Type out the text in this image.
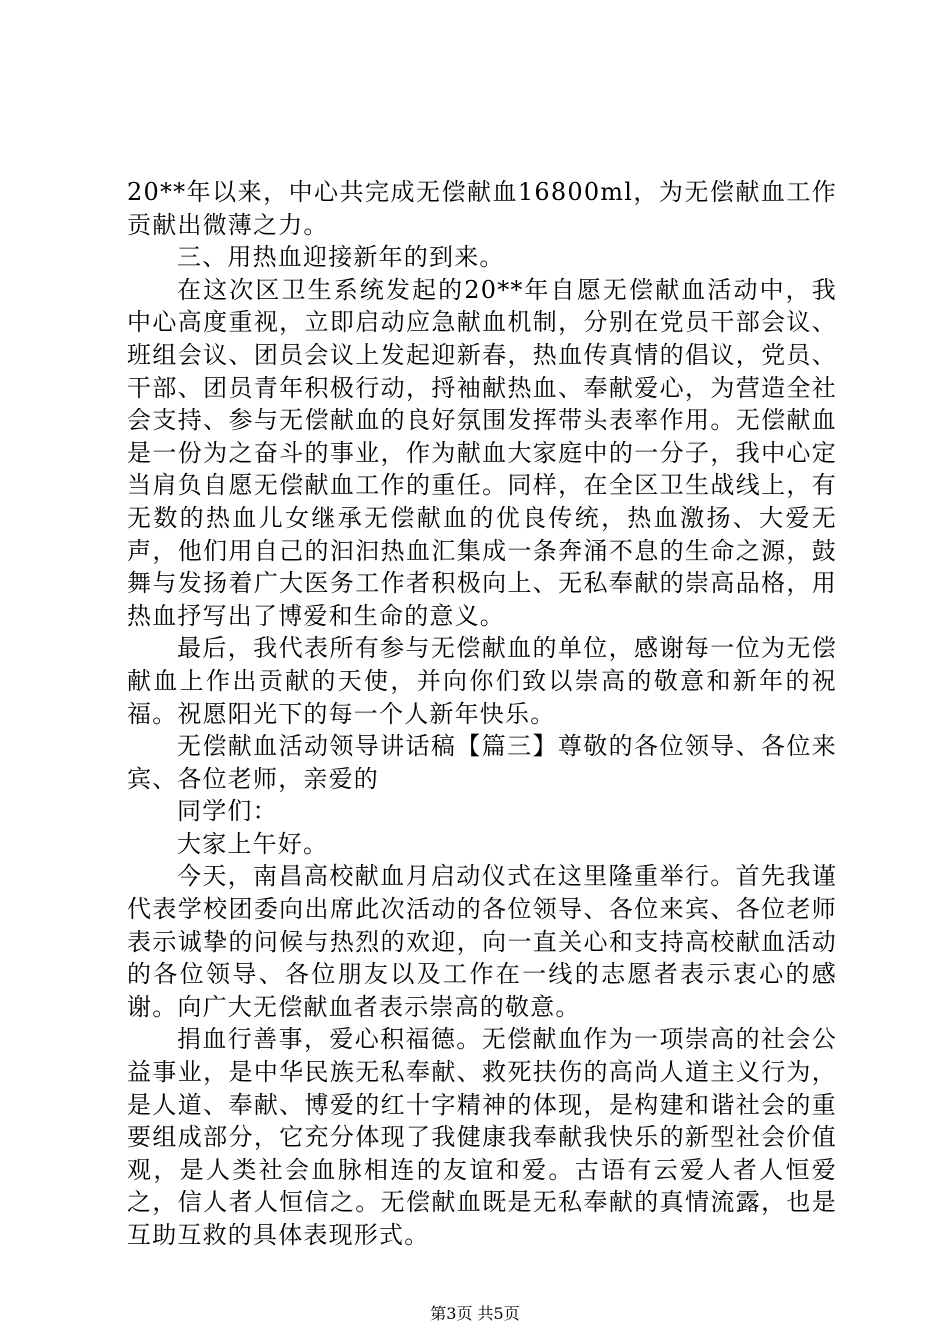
20**年以来，中心共完成无偿献血16800ml，为无偿献血工作贡献出微薄之力。

三、用热血迎接新年的到来。

在这次区卫生系统发起的20**年自愿无偿献血活动中，我中心高度重视，立即启动应急献血机制，分别在党员干部会议、班组会议、团员会议上发起迎新春，热血传真情的倡议，党员、干部、团员青年积极行动，捋袖献热血、奉献爱心，为营造全社会支持、参与无偿献血的良好氛围发挥带头表率作用。无偿献血是一份为之奋斗的事业，作为献血大家庭中的一分子，我中心定当肩负自愿无偿献血工作的重任。同样，在全区卫生战线上，有无数的热血儿女继承无偿献血的优良传统，热血激扬、大爱无声，他们用自己的汩汩热血汇集成一条奔涌不息的生命之源，鼓舞与发扬着广大医务工作者积极向上、无私奉献的崇高品格，用热血抒写出了博爱和生命的意义。

最后，我代表所有参与无偿献血的单位，感谢每一位为无偿献血上作出贡献的天使，并向你们致以崇高的敬意和新年的祝福。祝愿阳光下的每一个人新年快乐。

无偿献血活动领导讲话稿【篇三】尊敬的各位领导、各位来宾、各位老师，亲爱的

同学们：

大家上午好。

今天，南昌高校献血月启动仪式在这里隆重举行。首先我谨代表学校团委向出席此次活动的各位领导、各位来宾、各位老师表示诚挚的问候与热烈的欢迎，向一直关心和支持高校献血活动的各位领导、各位朋友以及工作在一线的志愿者表示衷心的感谢。向广大无偿献血者表示崇高的敬意。

捐血行善事，爱心积福德。无偿献血作为一项崇高的社会公益事业，是中华民族无私奉献、救死扶伤的高尚人道主义行为，是人道、奉献、博爱的红十字精神的体现，是构建和谐社会的重要组成部分，它充分体现了我健康我奉献我快乐的新型社会价值观，是人类社会血脉相连的友谊和爱。古语有云爱人者人恒爱之，信人者人恒信之。无偿献血既是无私奉献的真情流露，也是互助互救的具体表现形式。

第3页 共5页
